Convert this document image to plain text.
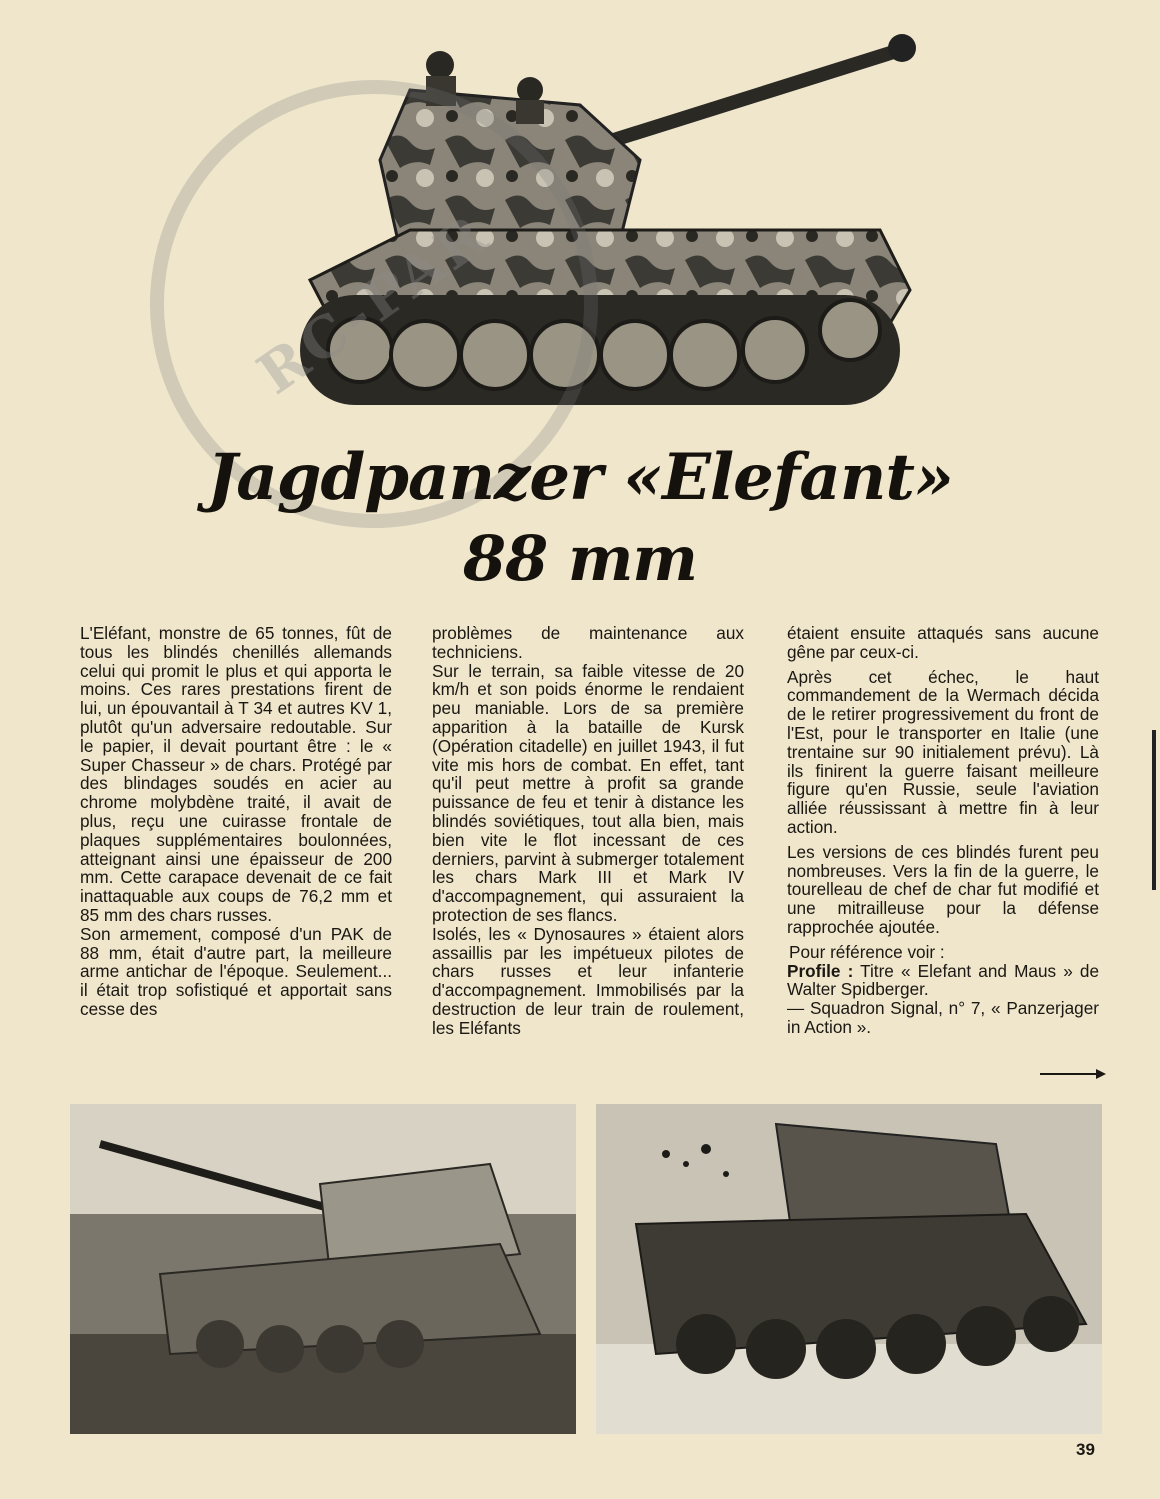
RC-PAR
Jagdpanzer «Elefant»
88 mm

L'Eléfant, monstre de 65 tonnes, fût de tous les blindés chenillés allemands celui qui promit le plus et qui apporta le moins. Ces rares prestations firent de lui, un épouvantail à T 34 et autres KV 1, plutôt qu'un adversaire redoutable. Sur le papier, il devait pourtant être : le « Super Chasseur » de chars. Protégé par des blindages soudés en acier au chrome molybdène traité, il avait de plus, reçu une cuirasse frontale de plaques supplémentaires boulonnées, atteignant ainsi une épaisseur de 200 mm. Cette carapace devenait de ce fait inattaquable aux coups de 76,2 mm et 85 mm des chars russes.

Son armement, composé d'un PAK de 88 mm, était d'autre part, la meilleure arme antichar de l'époque. Seulement... il était trop sofistiqué et apportait sans cesse des

problèmes de maintenance aux techniciens.

Sur le terrain, sa faible vitesse de 20 km/h et son poids énorme le rendaient peu maniable. Lors de sa première apparition à la bataille de Kursk (Opération citadelle) en juillet 1943, il fut vite mis hors de combat. En effet, tant qu'il peut mettre à profit sa grande puissance de feu et tenir à distance les blindés soviétiques, tout alla bien, mais bien vite le flot incessant de ces derniers, parvint à submerger totalement les chars Mark III et Mark IV d'accompagnement, qui assuraient la protection de ses flancs.

Isolés, les « Dynosaures » étaient alors assaillis par les impétueux pilotes de chars russes et leur infanterie d'accompagnement. Immobilisés par la destruction de leur train de roulement, les Eléfants

étaient ensuite attaqués sans aucune gêne par ceux-ci.

Après cet échec, le haut commandement de la Wermach décida de le retirer progressivement du front de l'Est, pour le transporter en Italie (une trentaine sur 90 initialement prévu). Là ils finirent la guerre faisant meilleure figure qu'en Russie, seule l'aviation alliée réussissant à mettre fin à leur action.

Les versions de ces blindés furent peu nombreuses. Vers la fin de la guerre, le tourelleau de chef de char fut modifié et une mitrailleuse pour la défense rapprochée ajoutée.

Pour référence voir :

Profile : Titre « Elefant and Maus » de Walter Spidberger.

— Squadron Signal, n° 7, « Panzerjager in Action ».

39
